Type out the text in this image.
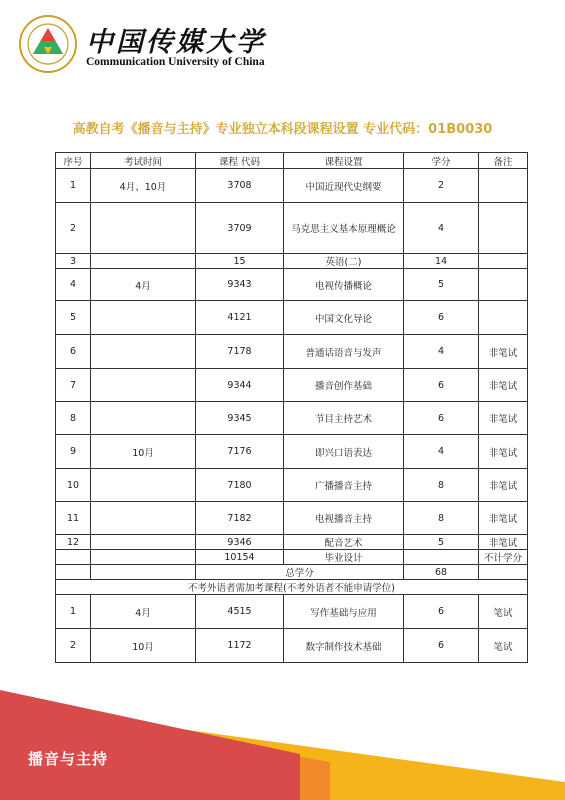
中国传媒大学
Communication University of China
高教自考《播音与主持》专业独立本科段课程设置 专业代码：01B0030
序号	考试时间	课程 代码	课程设置	学分	备注
1	4月、10月	3708	中国近现代史纲要	2	
2		3709	马克思主义基本原理概论	4	
3		15	英语(二)	14	
4	4月	9343	电视传播概论	5	
5		4121	中国文化导论	6	
6		7178	普通话语音与发声	4	非笔试
7		9344	播音创作基础	6	非笔试
8		9345	节目主持艺术	6	非笔试
9	10月	7176	即兴口语表达	4	非笔试
10		7180	广播播音主持	8	非笔试
11		7182	电视播音主持	8	非笔试
12		9346	配音艺术	5	非笔试
		10154	毕业设计		不计学分
		总学分		68	
不考外语者需加考课程(不考外语者不能申请学位)					
1	4月	4515	写作基础与应用	6	笔试
2	10月	1172	数字制作技术基础	6	笔试
播音与主持
